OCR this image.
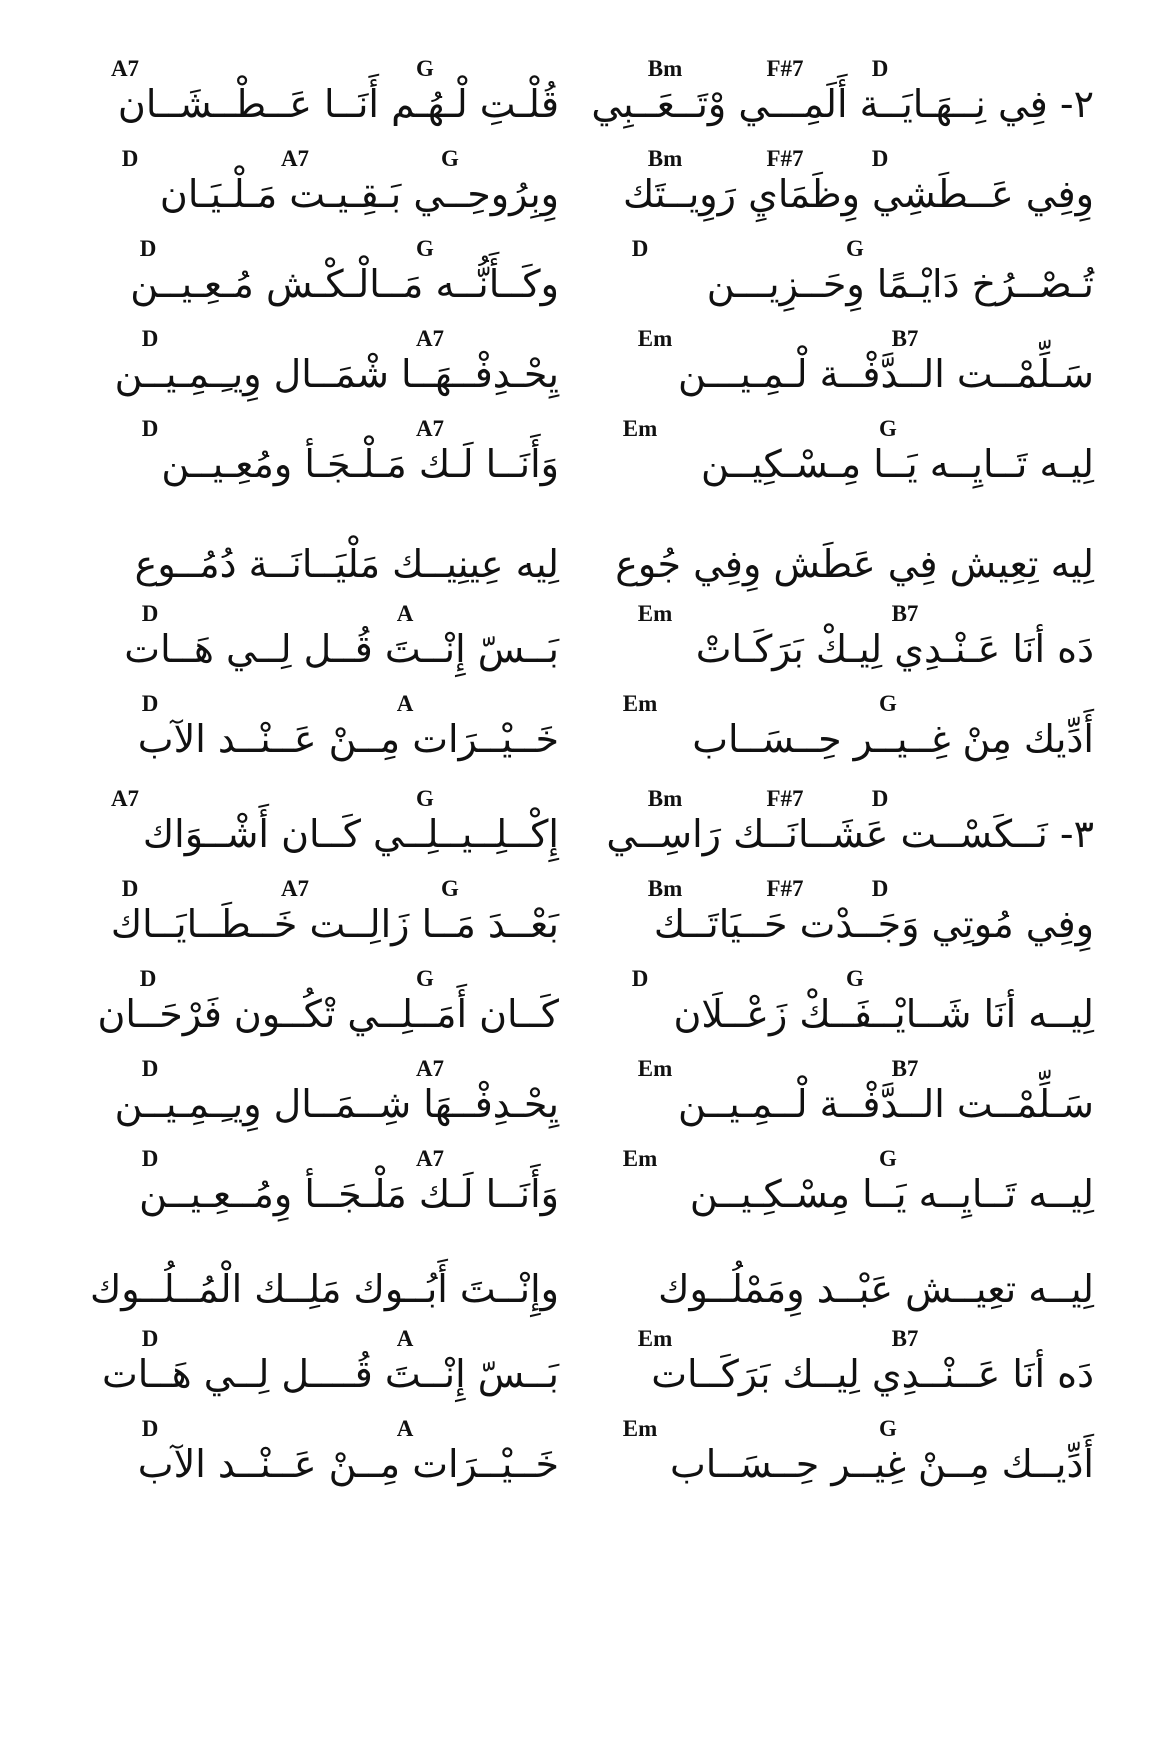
A7	G	Bm	F#7	D
قُلْـتِ لْـهُـم أَنَــا عَــطْــشَــان ٢- فِي نِــهَـايَــة أَلَمِـــي وْتَــعَــبِي
D	A7	G	Bm	F#7	D
وِبِرُوحِــي بَـقِـيـت مَـلْـيَـان وِفِي عَــطَشِي وِظَمَايِ رَوِيــتَك
D	G	D	G
وكَــأَنُّــه مَــالْـكْـش مُـعِـيــن	تُـصْــرُخ دَايْـمًا وِحَــزِيـــن
D	A7	Em	B7
يِحْـدِفْــهَــا شْمَــال وِيـِـمِـيــن	سَـلِّمْــت الــدَّفْــة لْـمِـيـــن
D	A7	Em	G
وَأَنَــا لَـك مَـلْـجَـأ ومُعِـيــن	لِيـه تَــايِــه يَــا مِـسْـكِيــن
لِيه عِينِيــك مَلْيَــانَــة دُمُــوع لِيه تِعِيش فِي عَطَش وِفِي جُوع
D	A	Em	B7
بَــسّ إِنْــتَ قُــل لِــي هَــات	دَه أنَا عَـنْـدِي لِيـكْ بَرَكَـاتْ
D	A	Em	G
خَــيْــرَات مِــنْ عَــنْــد الآب	أَدِّيك مِنْ غِــيــر حِــسَــاب
A7	G	Bm	F#7	D
إِكْــلِــيــلِــي كَــان أَشْــوَاك ٣- نَــكَسْــت عَشَــانَــك رَاسِــي
D	A7	G	Bm	F#7	D
بَعْــدَ مَــا زَالِــت خَــطَــايَــاك وِفِي مُوتِي وَجَــدْت حَــيَاتَــك
D	G	D	G
كَــان أَمَــلِــي تْكُــون فَرْحَــان	لِيــه أنَا شَــايْــفَــكْ زَعْــلَان
D	A7	Em	B7
يِحْـدِفْــهَا شِــمَــال وِيـِـمِـيــن	سَـلِّمْــت الــدَّفْــة لْــمِـيــن
D	A7	Em	G
وَأَنَــا لَـك مَلْـجَــأ وِمُــعِـيــن	لِيــه تَــايِــه يَــا مِسْـكِـيــن
وإِنْــتَ أَبُــوك مَلِــك الْمُــلُــوك	لِيــه تعِيــش عَبْــد وِمَمْلُــوك
D	A	Em	B7
بَــسّ إِنْــتَ قُــــل لِــي هَــات دَه أنَا عَــنْــدِي لِيــك بَرَكَــات
D	A	Em	G
خَــيْــرَات مِــنْ عَــنْــد الآب	أَدِّيــك مِــنْ غِيــر حِــسَــاب
